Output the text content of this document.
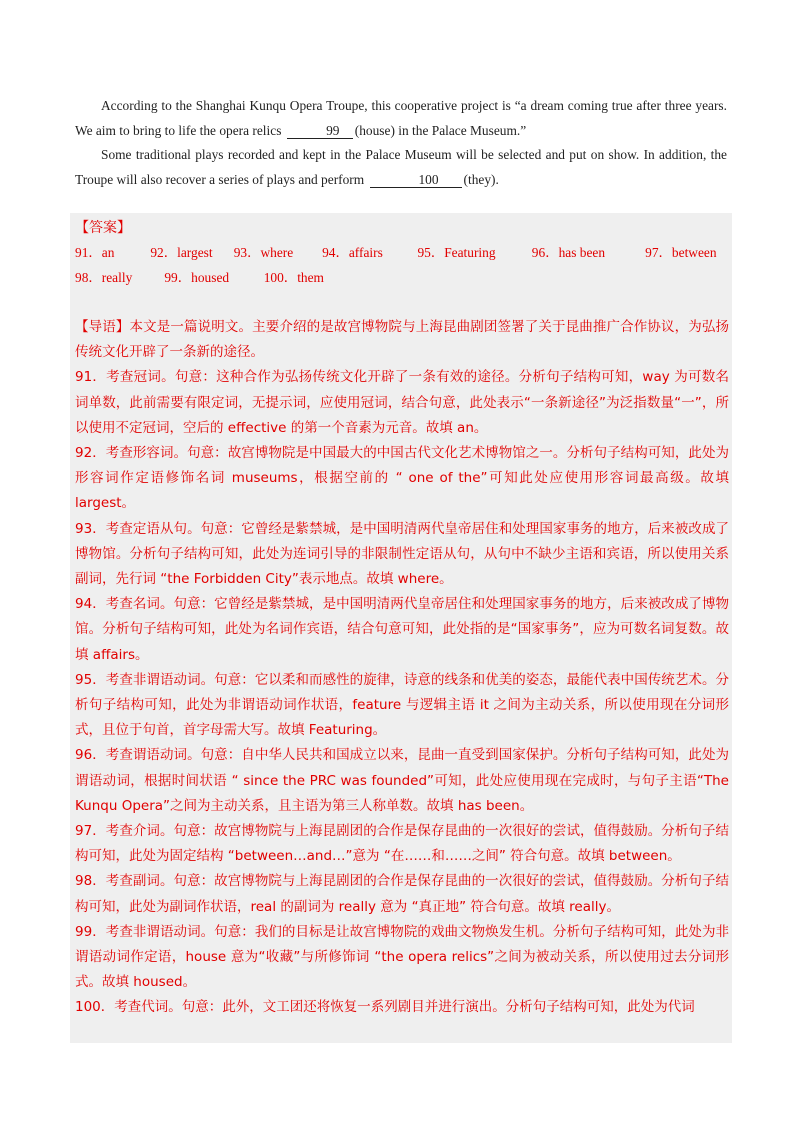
According to the Shanghai Kunqu Opera Troupe, this cooperative project is “a dream coming true after three years. We aim to bring to life the opera relics	99 (house) in the Palace Museum.”

Some traditional plays recorded and kept in the Palace Museum will be selected and put on show. In addition, the Troupe will also recover a series of plays and perform	100 (they).

【答案】
91．an	92．largest 93．where 94．affairs	95．Featuring	96．has been	97．between
98．really 99．housed	100．them

【导语】本文是一篇说明文。主要介绍的是故宫博物院与上海昆曲剧团签署了关于昆曲推广合作协议，为弘扬传统文化开辟了一条新的途径。

91．考查冠词。句意：这种合作为弘扬传统文化开辟了一条有效的途径。分析句子结构可知，way 为可数名词单数，此前需要有限定词，无提示词，应使用冠词，结合句意，此处表示“一条新途径”为泛指数量“一”，所以使用不定冠词，空后的 effective 的第一个音素为元音。故填 an。

92．考查形容词。句意：故宫博物院是中国最大的中国古代文化艺术博物馆之一。分析句子结构可知，此处为形容词作定语修饰名词 museums，根据空前的 “ one of the”可知此处应使用形容词最高级。故填 largest。

93．考查定语从句。句意：它曾经是紫禁城，是中国明清两代皇帝居住和处理国家事务的地方，后来被改成了博物馆。分析句子结构可知，此处为连词引导的非限制性定语从句，从句中不缺少主语和宾语，所以使用关系副词，先行词 “the Forbidden City”表示地点。故填 where。

94．考查名词。句意：它曾经是紫禁城，是中国明清两代皇帝居住和处理国家事务的地方，后来被改成了博物馆。分析句子结构可知，此处为名词作宾语，结合句意可知，此处指的是“国家事务”，应为可数名词复数。故填 affairs。

95．考查非谓语动词。句意：它以柔和而感性的旋律，诗意的线条和优美的姿态，最能代表中国传统艺术。分析句子结构可知，此处为非谓语动词作状语，feature 与逻辑主语 it 之间为主动关系，所以使用现在分词形式，且位于句首，首字母需大写。故填 Featuring。

96．考查谓语动词。句意：自中华人民共和国成立以来，昆曲一直受到国家保护。分析句子结构可知，此处为谓语动词，根据时间状语 “ since the PRC was founded”可知，此处应使用现在完成时，与句子主语“The Kunqu Opera”之间为主动关系，且主语为第三人称单数。故填 has been。

97．考查介词。句意：故宫博物院与上海昆剧团的合作是保存昆曲的一次很好的尝试，值得鼓励。分析句子结构可知，此处为固定结构 “between…and…”意为 “在……和……之间” 符合句意。故填 between。

98．考查副词。句意：故宫博物院与上海昆剧团的合作是保存昆曲的一次很好的尝试，值得鼓励。分析句子结构可知，此处为副词作状语，real 的副词为 really 意为 “真正地” 符合句意。故填 really。

99．考查非谓语动词。句意：我们的目标是让故宫博物院的戏曲文物焕发生机。分析句子结构可知，此处为非谓语动词作定语，house 意为“收藏”与所修饰词 “the opera relics”之间为被动关系，所以使用过去分词形式。故填 housed。

100．考查代词。句意：此外，文工团还将恢复一系列剧目并进行演出。分析句子结构可知，此处为代词
